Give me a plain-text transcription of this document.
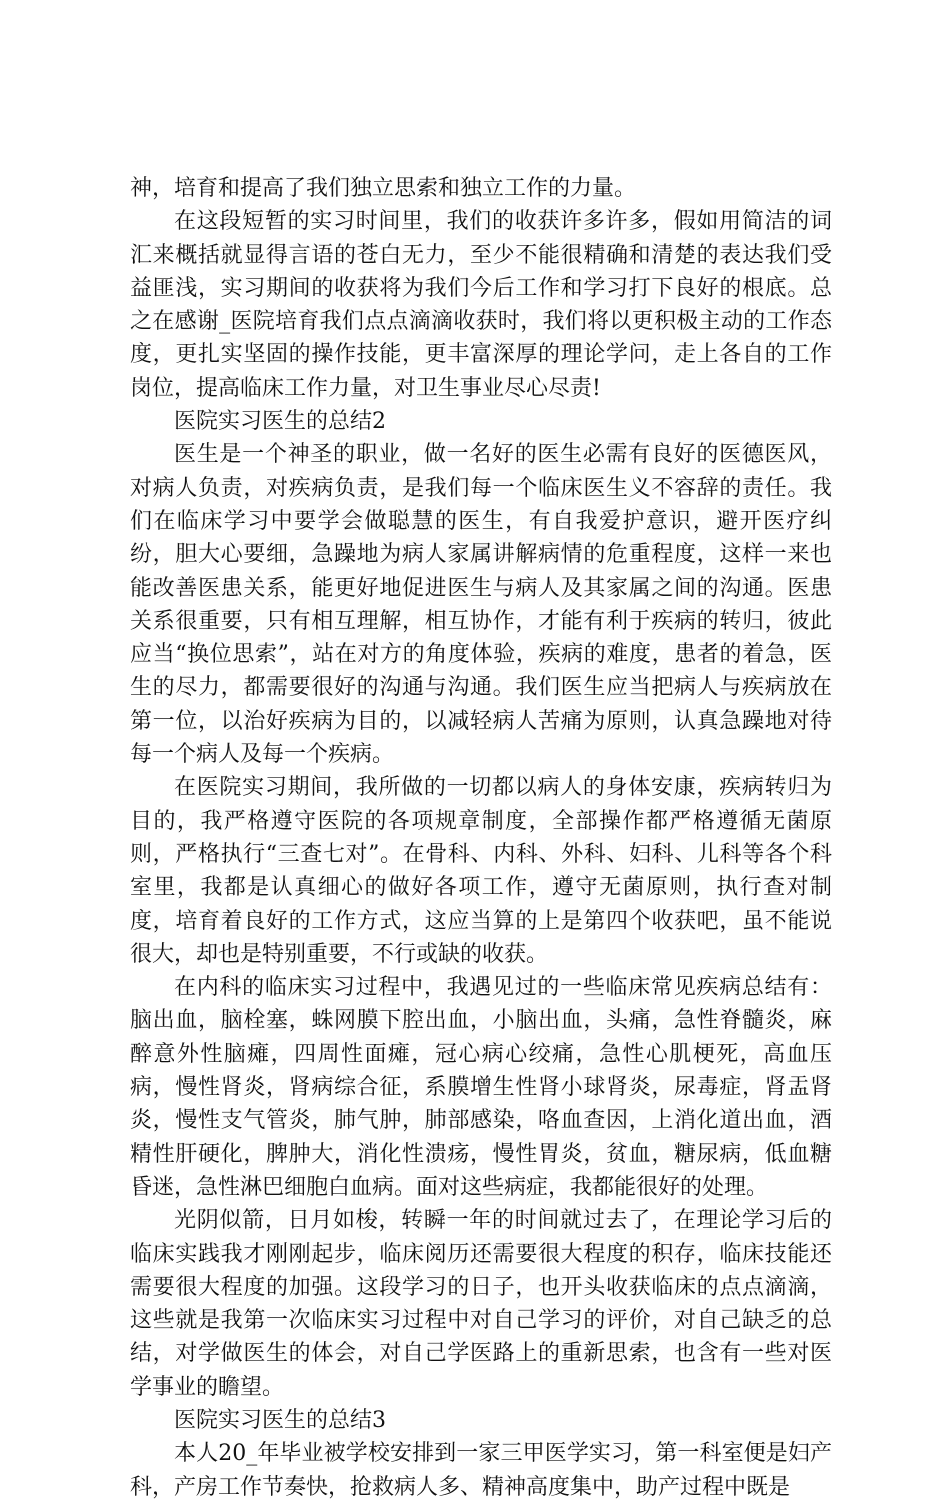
神，培育和提高了我们独立思索和独立工作的力量。

在这段短暂的实习时间里，我们的收获许多许多，假如用简洁的词汇来概括就显得言语的苍白无力，至少不能很精确和清楚的表达我们受益匪浅，实习期间的收获将为我们今后工作和学习打下良好的根底。总之在感谢_医院培育我们点点滴滴收获时，我们将以更积极主动的工作态度，更扎实坚固的操作技能，更丰富深厚的理论学问，走上各自的工作岗位，提高临床工作力量，对卫生事业尽心尽责!

医院实习医生的总结2

医生是一个神圣的职业，做一名好的医生必需有良好的医德医风，对病人负责，对疾病负责，是我们每一个临床医生义不容辞的责任。我们在临床学习中要学会做聪慧的医生，有自我爱护意识，避开医疗纠纷，胆大心要细，急躁地为病人家属讲解病情的危重程度，这样一来也能改善医患关系，能更好地促进医生与病人及其家属之间的沟通。医患关系很重要，只有相互理解，相互协作，才能有利于疾病的转归，彼此应当“换位思索”，站在对方的角度体验，疾病的难度，患者的着急，医生的尽力，都需要很好的沟通与沟通。我们医生应当把病人与疾病放在第一位，以治好疾病为目的，以减轻病人苦痛为原则，认真急躁地对待每一个病人及每一个疾病。

在医院实习期间，我所做的一切都以病人的身体安康，疾病转归为目的，我严格遵守医院的各项规章制度，全部操作都严格遵循无菌原则，严格执行“三查七对”。在骨科、内科、外科、妇科、儿科等各个科室里，我都是认真细心的做好各项工作，遵守无菌原则，执行查对制度，培育着良好的工作方式，这应当算的上是第四个收获吧，虽不能说很大，却也是特别重要，不行或缺的收获。

在内科的临床实习过程中，我遇见过的一些临床常见疾病总结有：脑出血，脑栓塞，蛛网膜下腔出血，小脑出血，头痛，急性脊髓炎，麻醉意外性脑瘫，四周性面瘫，冠心病心绞痛，急性心肌梗死，高血压病，慢性肾炎，肾病综合征，系膜增生性肾小球肾炎，尿毒症，肾盂肾炎，慢性支气管炎，肺气肿，肺部感染，咯血查因，上消化道出血，酒精性肝硬化，脾肿大，消化性溃疡，慢性胃炎，贫血，糖尿病，低血糖昏迷，急性淋巴细胞白血病。面对这些病症，我都能很好的处理。

光阴似箭，日月如梭，转瞬一年的时间就过去了，在理论学习后的临床实践我才刚刚起步，临床阅历还需要很大程度的积存，临床技能还需要很大程度的加强。这段学习的日子，也开头收获临床的点点滴滴，这些就是我第一次临床实习过程中对自己学习的评价，对自己缺乏的总结，对学做医生的体会，对自己学医路上的重新思索，也含有一些对医学事业的瞻望。

医院实习医生的总结3

本人20_年毕业被学校安排到一家三甲医学实习，第一科室便是妇产科，产房工作节奏快，抢救病人多、精神高度集中，助产过程中既是
